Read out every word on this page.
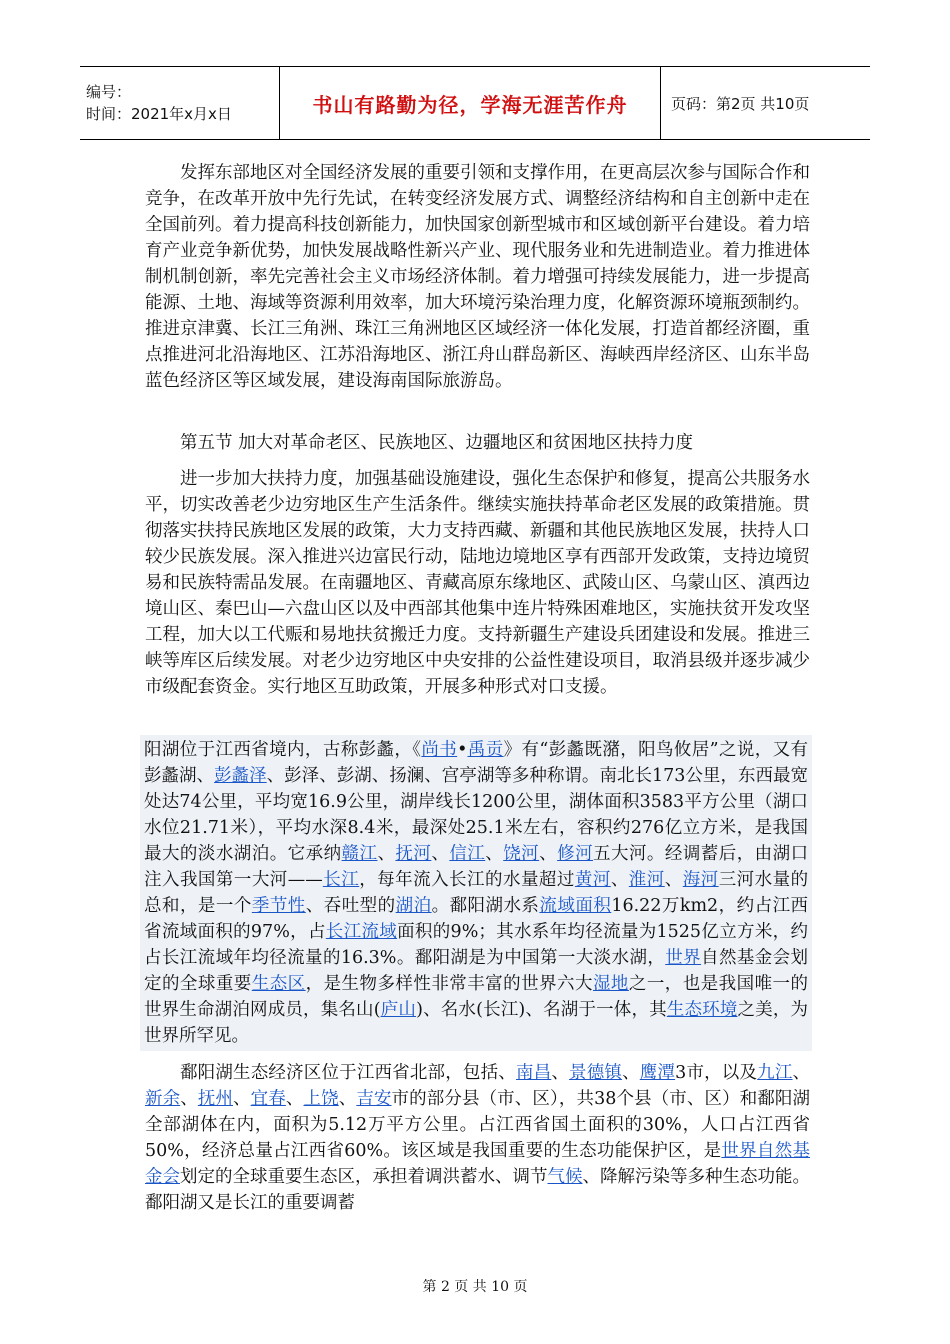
编号：
时间：2021年x月x日	书山有路勤为径，学海无涯苦作舟	页码：第2页 共10页
发挥东部地区对全国经济发展的重要引领和支撑作用，在更高层次参与国际合作和竞争，在改革开放中先行先试，在转变经济发展方式、调整经济结构和自主创新中走在全国前列。着力提高科技创新能力，加快国家创新型城市和区域创新平台建设。着力培育产业竞争新优势，加快发展战略性新兴产业、现代服务业和先进制造业。着力推进体制机制创新，率先完善社会主义市场经济体制。着力增强可持续发展能力，进一步提高能源、土地、海域等资源利用效率，加大环境污染治理力度，化解资源环境瓶颈制约。推进京津冀、长江三角洲、珠江三角洲地区区域经济一体化发展，打造首都经济圈，重点推进河北沿海地区、江苏沿海地区、浙江舟山群岛新区、海峡西岸经济区、山东半岛蓝色经济区等区域发展，建设海南国际旅游岛。
第五节 加大对革命老区、民族地区、边疆地区和贫困地区扶持力度
进一步加大扶持力度，加强基础设施建设，强化生态保护和修复，提高公共服务水平，切实改善老少边穷地区生产生活条件。继续实施扶持革命老区发展的政策措施。贯彻落实扶持民族地区发展的政策，大力支持西藏、新疆和其他民族地区发展，扶持人口较少民族发展。深入推进兴边富民行动，陆地边境地区享有西部开发政策，支持边境贸易和民族特需品发展。在南疆地区、青藏高原东缘地区、武陵山区、乌蒙山区、滇西边境山区、秦巴山—六盘山区以及中西部其他集中连片特殊困难地区，实施扶贫开发攻坚工程，加大以工代赈和易地扶贫搬迁力度。支持新疆生产建设兵团建设和发展。推进三峡等库区后续发展。对老少边穷地区中央安排的公益性建设项目，取消县级并逐步减少市级配套资金。实行地区互助政策，开展多种形式对口支援。
阳湖位于江西省境内，古称彭蠡，《尚书•禹贡》有“彭蠡既潴，阳鸟攸居”之说，又有彭蠡湖、彭蠡泽、彭泽、彭湖、扬澜、宫亭湖等多种称谓。南北长173公里，东西最宽处达74公里，平均宽16.9公里，湖岸线长1200公里，湖体面积3583平方公里（湖口水位21.71米），平均水深8.4米，最深处25.1米左右，容积约276亿立方米，是我国最大的淡水湖泊。它承纳赣江、抚河、信江、饶河、修河五大河。经调蓄后，由湖口注入我国第一大河——长江，每年流入长江的水量超过黄河、淮河、海河三河水量的总和，是一个季节性、吞吐型的湖泊。鄱阳湖水系流域面积16.22万km2，约占江西省流域面积的97%，占长江流域面积的9%；其水系年均径流量为1525亿立方米，约占长江流域年均径流量的16.3%。鄱阳湖是为中国第一大淡水湖，世界自然基金会划定的全球重要生态区，是生物多样性非常丰富的世界六大湿地之一，也是我国唯一的世界生命湖泊网成员，集名山(庐山)、名水(长江)、名湖于一体，其生态环境之美，为世界所罕见。
鄱阳湖生态经济区位于江西省北部，包括、南昌、景德镇、鹰潭3市，以及九江、新余、抚州、宜春、上饶、吉安市的部分县（市、区），共38个县（市、区）和鄱阳湖全部湖体在内，面积为5.12万平方公里。占江西省国土面积的30%，人口占江西省50%，经济总量占江西省60%。该区域是我国重要的生态功能保护区，是世界自然基金会划定的全球重要生态区，承担着调洪蓄水、调节气候、降解污染等多种生态功能。鄱阳湖又是长江的重要调蓄
第 2 页 共 10 页
